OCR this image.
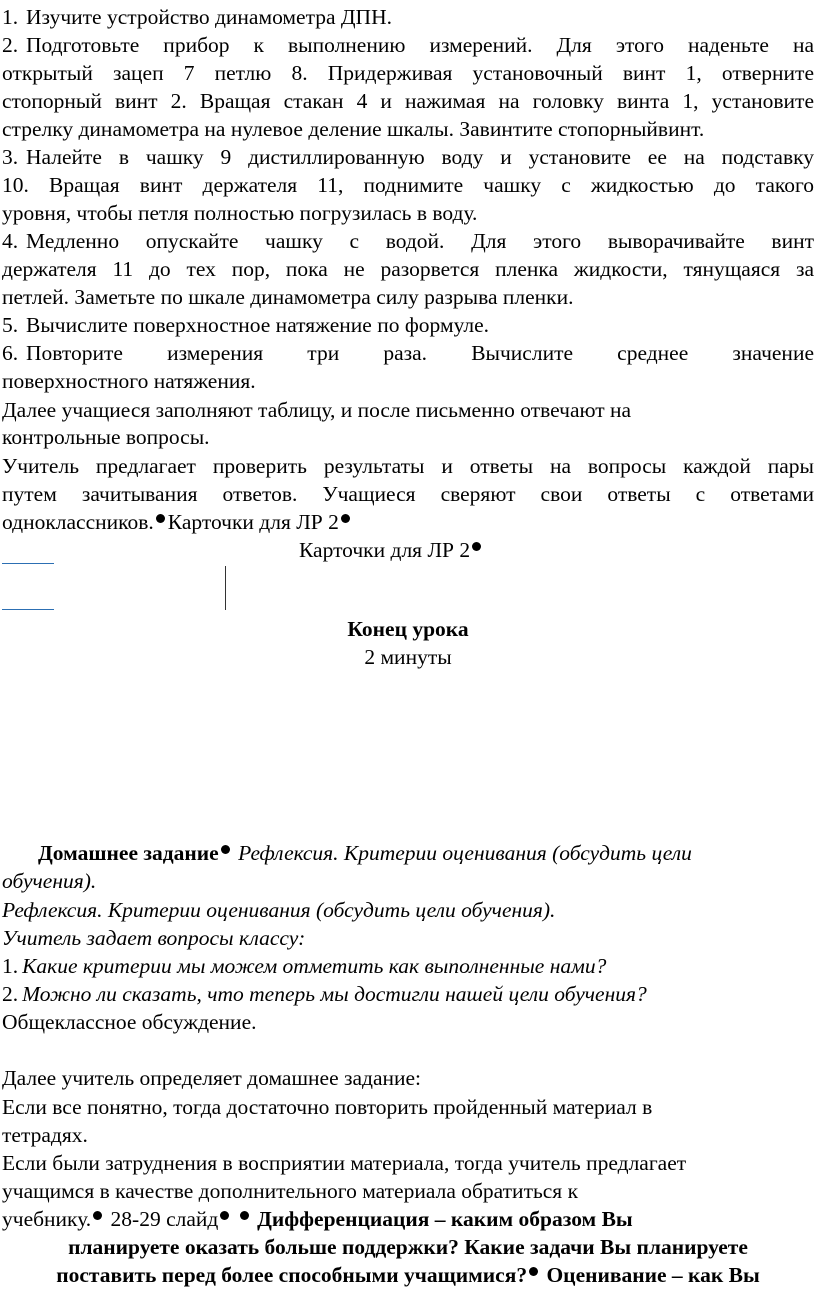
1. Изучите устройство динамометра ДПН.
2. Подготовьте прибор к выполнению измерений. Для этого наденьте на
открытый зацеп 7 петлю 8. Придерживая установочный винт 1, отверните
стопорный винт 2. Вращая стакан 4 и нажимая на головку винта 1, установите
стрелку динамометра на нулевое деление шкалы. Завинтите стопорныйвинт.
3. Налейте в чашку 9 дистиллированную воду и установите ее на подставку
10. Вращая винт держателя 11, поднимите чашку с жидкостью до такого
уровня, чтобы петля полностью погрузилась в воду.
4. Медленно опускайте чашку с водой. Для этого выворачивайте винт
держателя 11 до тех пор, пока не разорвется пленка жидкости, тянущаяся за
петлей. Заметьте по шкале динамометра силу разрыва пленки.
5. Вычислите поверхностное натяжение по формуле.
6. Повторите измерения три раза. Вычислите среднее значение
поверхностного натяжения.
Далее учащиеся заполняют таблицу, и после письменно отвечают на
контрольные вопросы.
Учитель предлагает проверить результаты и ответы на вопросы каждой пары
путем зачитывания ответов. Учащиеся сверяют свои ответы с ответами
одноклассников. Карточки для ЛР 2
Карточки для ЛР 2
Конец урока
2 минуты
Домашнее задание Рефлексия. Критерии оценивания (обсудить цели
обучения).
Рефлексия. Критерии оценивания (обсудить цели обучения).
Учитель задает вопросы классу:
1. Какие критерии мы можем отметить как выполненные нами?
2. Можно ли сказать, что теперь мы достигли нашей цели обучения?
Общеклассное обсуждение.
Далее учитель определяет домашнее задание:
Если все понятно, тогда достаточно повторить пройденный материал в
тетрадях.
Если были затруднения в восприятии материала, тогда учитель предлагает
учащимся в качестве дополнительного материала обратиться к
учебнику. 28-29 слайд Дифференциация – каким образом Вы
планируете оказать больше поддержки? Какие задачи Вы планируете
поставить перед более способными учащимися? Оценивание – как Вы
